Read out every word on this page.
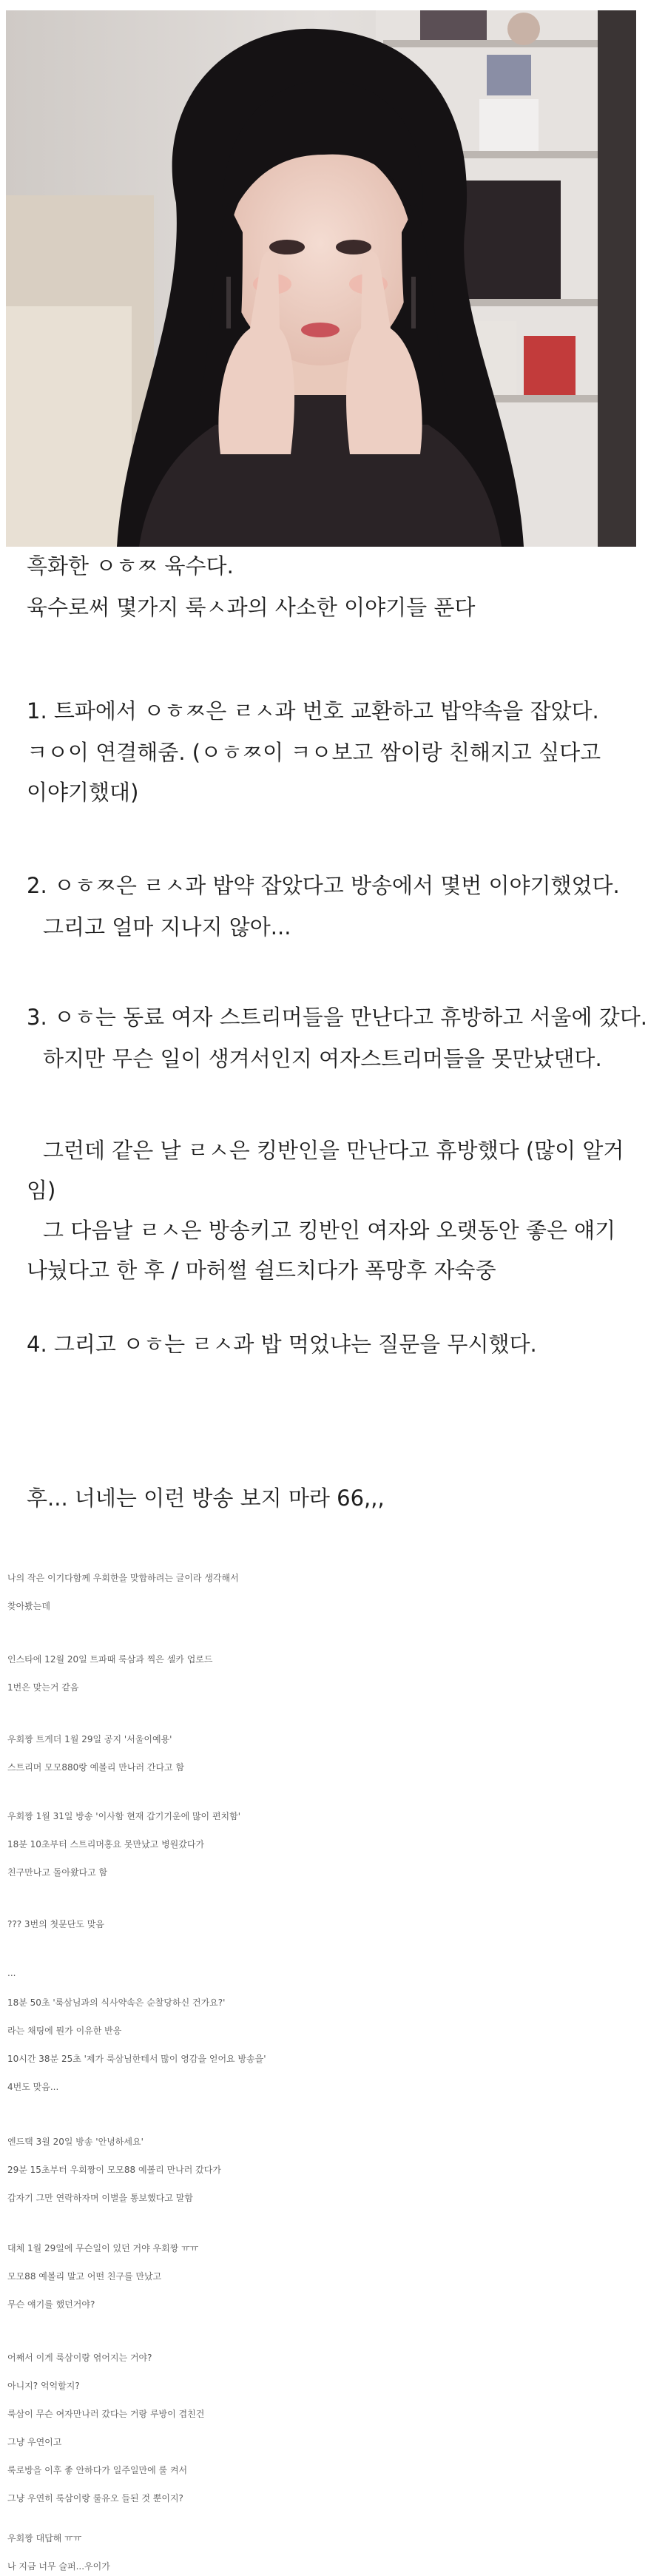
흑화한 ㅇㅎㅉ 육수다.

육수로써 몇가지 룩ㅅ과의 사소한 이야기들 푼다

1. 트파에서 ㅇㅎㅉ은 ㄹㅅ과 번호 교환하고 밥약속을 잡았다.

ㅋㅇ이 연결해줌. (ㅇㅎㅉ이 ㅋㅇ보고 쌈이랑 친해지고 싶다고

이야기했대)

2. ㅇㅎㅉ은 ㄹㅅ과 밥약 잡았다고 방송에서 몇번 이야기했었다.

그리고 얼마 지나지 않아...

3. ㅇㅎ는 동료 여자 스트리머들을 만난다고 휴방하고 서울에 갔다.

하지만 무슨 일이 생겨서인지 여자스트리머들을 못만났댄다.

그런데 같은 날 ㄹㅅ은 킹반인을 만난다고 휴방했다 (많이 알거

임)

그 다음날 ㄹㅅ은 방송키고 킹반인 여자와 오랫동안 좋은 얘기

나눴다고 한 후 / 마허썰 쉴드치다가 폭망후 자숙중

4. 그리고 ㅇㅎ는 ㄹㅅ과 밥 먹었냐는 질문을 무시했다.

후... 너네는 이런 방송 보지 마라 66,,,

나의 작은 이기다함께 우회한을 맞합하려는 글이라 생각해서

찾아봤는데

인스타에 12월 20일 트파때 룩삼과 찍은 셀카 업로드

1번은 맞는거 같음

우회짱 트게더 1월 29일 공지 '서울이예용'

스트리머 모모880랑 예볼리 만나러 간다고 함

우회짱 1월 31일 방송 '이사함 현재 갑기기운에 많이 편치함'

18분 10초부터 스트리머홍요 못만났고 병원갔다가

친구만나고 돌아왔다고 함

??? 3번의 첫문단도 맞음

...

18분 50초 '룩삼님과의 식사약속은 순찰당하신 건가요?'

라는 채팅에 뭔가 이유한 반응

10시간 38분 25초 '제가 룩삼님한테서 많이 영감을 얻어요 방송을'

4번도 맞음...

엔드택 3월 20일 방송 '안녕하세요'

29분 15초부터 우회짱이 모모88 예볼리 만나러 갔다가

갑자기 그만 연락하자며 이별을 통보했다고 말함

대체 1월 29일에 무슨일이 있던 거야 우회짱 ㅠㅠ

모모88 예볼리 말고 어떤 친구를 만났고

무슨 얘기를 했던거야?

어째서 이게 룩삼이랑 엮어지는 거야?

아니지? 억억할지?

룩삼이 무슨 여자만나러 갔다는 거랑 루방이 겹친건

그냥 우연이고

룩로방을 이후 좋 안하다가 일주일만에 룰 켜서

그냥 우연히 룩삼이랑 룰유오 들된 것 뿐이지?

우회짱 대답해 ㅠㅠ

나 지금 너무 슬퍼...우이가
